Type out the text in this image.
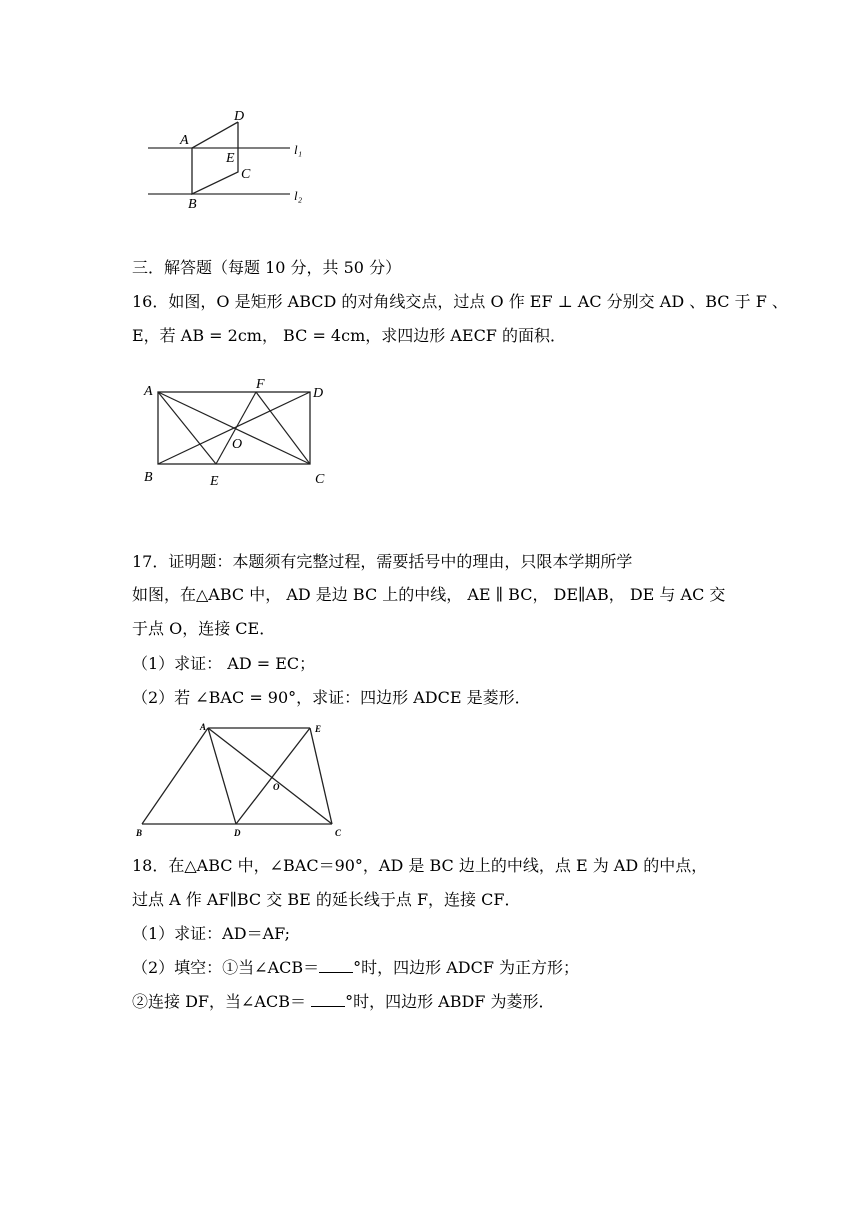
D
A
E
C
B
l₁
l₂
三．解答题（每题 10 分，共 50 分）
16．如图，O 是矩形 ABCD 的对角线交点，过点 O 作 EF ⊥ AC 分别交 AD 、BC 于 F 、
E，若 AB = 2cm， BC = 4cm，求四边形 AECF 的面积．
A	F
D
O
B	E	C
17．证明题：本题须有完整过程，需要括号中的理由，只限本学期所学
如图，在△ABC 中， AD 是边 BC 上的中线， AE ∥ BC， DE∥AB， DE 与 AC 交
于点 O，连接 CE．
（1）求证： AD = EC；
（2）若 ∠BAC = 90°，求证：四边形 ADCE 是菱形．
A	E
O
B	D	C
18．在△ABC 中，∠BAC＝90°，AD 是 BC 边上的中线，点 E 为 AD 的中点，
过点 A 作 AF∥BC 交 BE 的延长线于点 F，连接 CF．
（1）求证：AD＝AF;
（2）填空：①当∠ACB＝ °时，四边形 ADCF 为正方形；
②连接 DF，当∠ACB＝ °时，四边形 ABDF 为菱形．
